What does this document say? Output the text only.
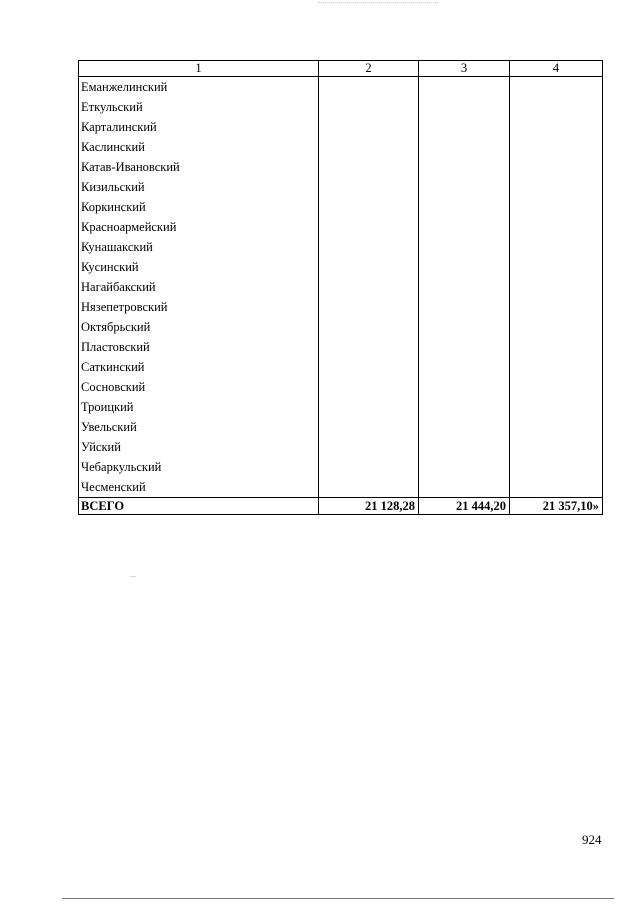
1	2	3	4
Еманжелинский			
Еткульский			
Карталинский			
Каслинский			
Катав-Ивановский			
Кизильский			
Коркинский			
Красноармейский			
Кунашакский			
Кусинский			
Нагайбакский			
Нязепетровский			
Октябрьский			
Пластовский			
Саткинский			
Сосновский			
Троицкий			
Увельский			
Уйский			
Чебаркульский			
Чесменский			
ВСЕГО	21 128,28	21 444,20	21 357,10»
924
